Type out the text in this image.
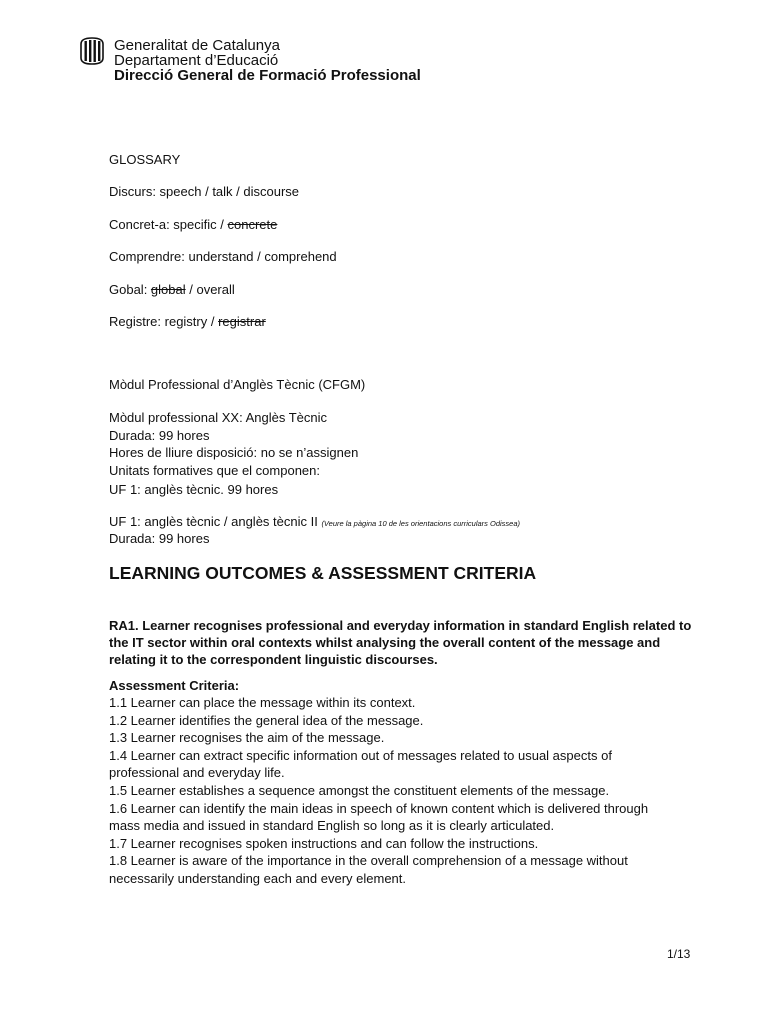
Generalitat de Catalunya
Departament d’Educació
Direcció General de Formació Professional
GLOSSARY
Discurs: speech / talk / discourse
Concret-a: specific / concrete
Comprendre: understand / comprehend
Gobal: global / overall
Registre: registry / registrar
Mòdul Professional d’Anglès Tècnic (CFGM)
Mòdul professional XX: Anglès Tècnic
Durada: 99 hores
Hores de lliure disposició: no se n’assignen
Unitats formatives que el componen:
UF 1: anglès tècnic. 99 hores
UF 1: anglès tècnic / anglès tècnic II (Veure la pàgina 10 de les orientacions curriculars Odissea)
Durada: 99 hores
LEARNING OUTCOMES & ASSESSMENT CRITERIA

RA1. Learner recognises professional and everyday information in standard English related to the IT sector within oral contexts whilst analysing the overall content of the message and relating it to the correspondent linguistic discourses.

Assessment Criteria:
1.1 Learner can place the message within its context.
1.2 Learner identifies the general idea of the message.
1.3 Learner recognises the aim of the message.
1.4 Learner can extract specific information out of messages related to usual aspects of professional and everyday life.
1.5 Learner establishes a sequence amongst the constituent elements of the message.
1.6 Learner can identify the main ideas in speech of known content which is delivered through mass media and issued in standard English so long as it is clearly articulated.
1.7 Learner recognises spoken instructions and can follow the instructions.
1.8 Learner is aware of the importance in the overall comprehension of a message without necessarily understanding each and every element.
1/13
